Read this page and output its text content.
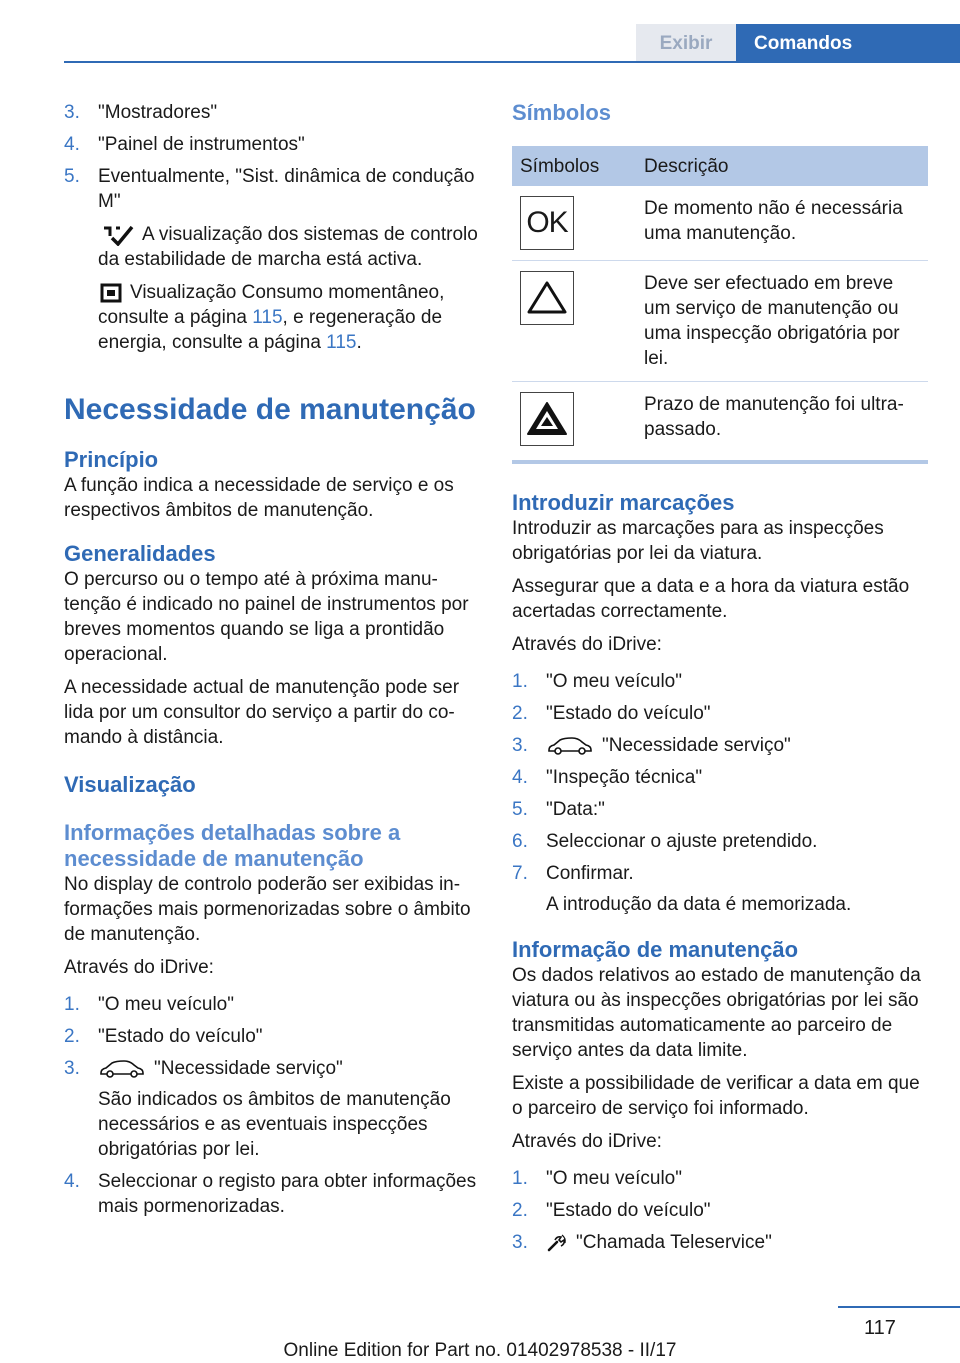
Exibir	Comandos
3. "Mostradores"
4. "Painel de instrumentos"
5. Eventualmente, "Sist. dinâmica de condução M"
A visualização dos sistemas de controlo da estabilidade de marcha está activa.
Visualização Consumo momentâneo, consulte a página 115, e regeneração de energia, consulte a página 115.
Necessidade de manutenção
Princípio

A função indica a necessidade de serviço e os respectivos âmbitos de manutenção.

Generalidades

O percurso ou o tempo até à próxima manutenção é indicado no painel de instrumentos por breves momentos quando se liga a prontidão operacional.

A necessidade actual de manutenção pode ser lida por um consultor do serviço a partir do comando à distância.

Visualização
Informações detalhadas sobre a necessidade de manutenção

No display de controlo poderão ser exibidas informações mais pormenorizadas sobre o âmbito de manutenção.

Através do iDrive:

1. "O meu veículo"
2. "Estado do veículo"
3.	"Necessidade serviço"
São indicados os âmbitos de manutenção necessários e as eventuais inspecções obrigatórias por lei.
4. Seleccionar o registo para obter informações mais pormenorizadas.
Símbolos
Símbolos	Descrição

OK	De momento não é necessária uma manutenção.

	Deve ser efectuado em breve um serviço de manutenção ou uma inspecção obrigatória por lei.

	Prazo de manutenção foi ultrapassado.
Introduzir marcações

Introduzir as marcações para as inspecções obrigatórias por lei da viatura.

Assegurar que a data e a hora da viatura estão acertadas correctamente.

Através do iDrive:

1. "O meu veículo"
2. "Estado do veículo"
3.	"Necessidade serviço"
4. "Inspeção técnica"
5. "Data:"
6. Seleccionar o ajuste pretendido.
7. Confirmar.
A introdução da data é memorizada.
Informação de manutenção

Os dados relativos ao estado de manutenção da viatura ou às inspecções obrigatórias por lei são transmitidas automaticamente ao parceiro de serviço antes da data limite.

Existe a possibilidade de verificar a data em que o parceiro de serviço foi informado.

Através do iDrive:

1. "O meu veículo"
2. "Estado do veículo"
3.	"Chamada Teleservice"
117
Online Edition for Part no. 01402978538 - II/17
